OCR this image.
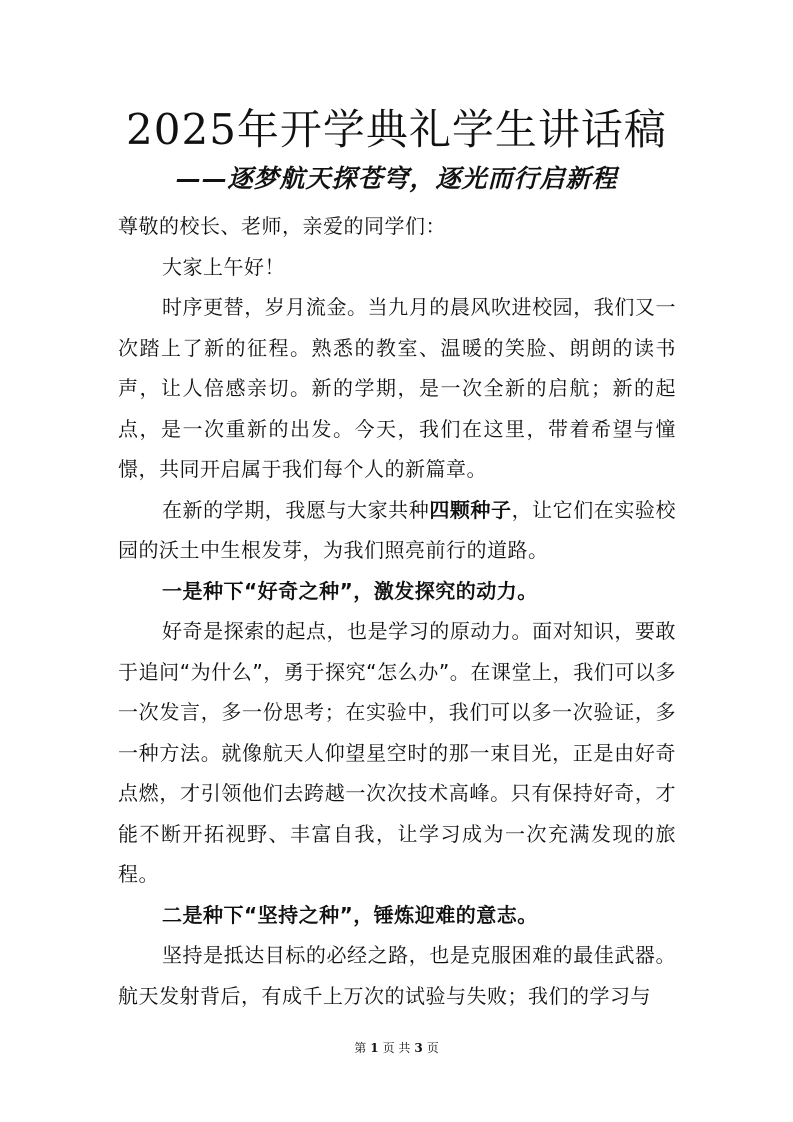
2025年开学典礼学生讲话稿
——逐梦航天探苍穹，逐光而行启新程

尊敬的校长、老师，亲爱的同学们：

大家上午好！

时序更替，岁月流金。当九月的晨风吹进校园，我们又一次踏上了新的征程。熟悉的教室、温暖的笑脸、朗朗的读书声，让人倍感亲切。新的学期，是一次全新的启航；新的起点，是一次重新的出发。今天，我们在这里，带着希望与憧憬，共同开启属于我们每个人的新篇章。

在新的学期，我愿与大家共种四颗种子，让它们在实验校园的沃土中生根发芽，为我们照亮前行的道路。

一是种下“好奇之种”，激发探究的动力。

好奇是探索的起点，也是学习的原动力。面对知识，要敢于追问“为什么”，勇于探究“怎么办”。在课堂上，我们可以多一次发言，多一份思考；在实验中，我们可以多一次验证，多一种方法。就像航天人仰望星空时的那一束目光，正是由好奇点燃，才引领他们去跨越一次次技术高峰。只有保持好奇，才能不断开拓视野、丰富自我，让学习成为一次充满发现的旅程。

二是种下“坚持之种”，锤炼迎难的意志。

坚持是抵达目标的必经之路，也是克服困难的最佳武器。航天发射背后，有成千上万次的试验与失败；我们的学习与

第 1 页 共 3 页
